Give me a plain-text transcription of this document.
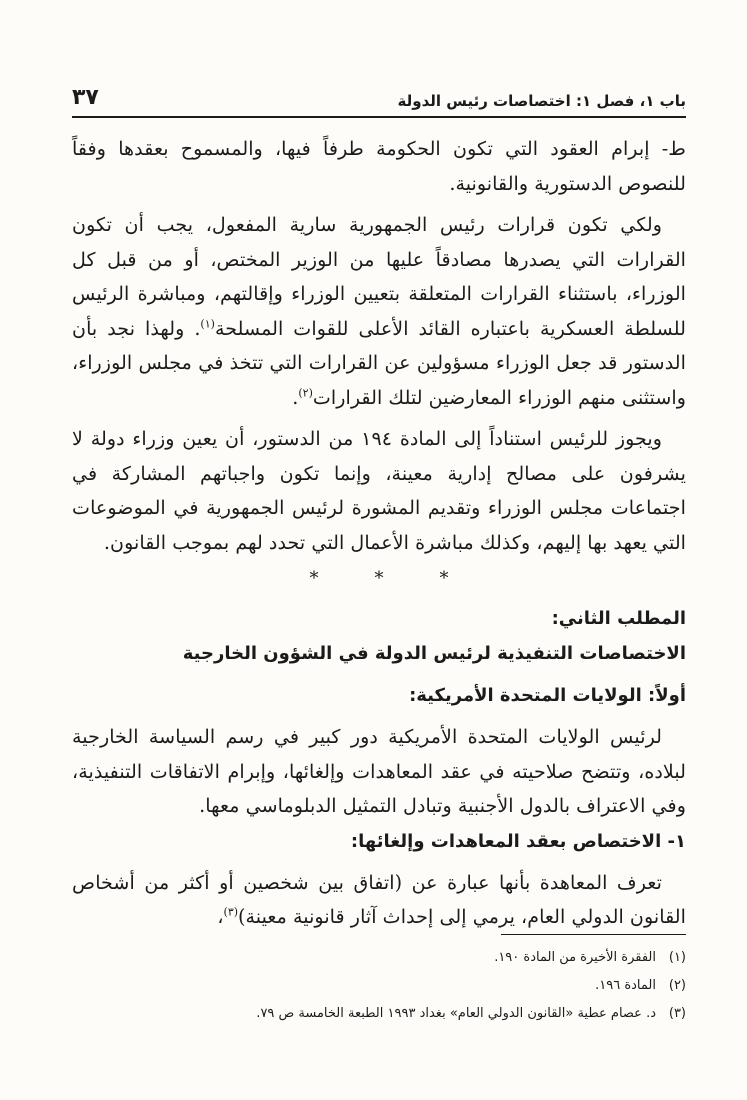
باب ١، فصل ١: اختصاصات رئيس الدولة
٣٧

ط- إبرام العقود التي تكون الحكومة طرفاً فيها، والمسموح بعقدها وفقاً للنصوص الدستورية والقانونية.

ولكي تكون قرارات رئيس الجمهورية سارية المفعول، يجب أن تكون القرارات التي يصدرها مصادقاً عليها من الوزير المختص، أو من قبل كل الوزراء، باستثناء القرارات المتعلقة بتعيين الوزراء وإقالتهم، ومباشرة الرئيس للسلطة العسكرية باعتباره القائد الأعلى للقوات المسلحة$^{(١)}$. ولهذا نجد بأن الدستور قد جعل الوزراء مسؤولين عن القرارات التي تتخذ في مجلس الوزراء، واستثنى منهم الوزراء المعارضين لتلك القرارات$^{(٢)}$.

ويجوز للرئيس استناداً إلى المادة ١٩٤ من الدستور، أن يعين وزراء دولة لا يشرفون على مصالح إدارية معينة، وإنما تكون واجباتهم المشاركة في اجتماعات مجلس الوزراء وتقديم المشورة لرئيس الجمهورية في الموضوعات التي يعهد بها إليهم، وكذلك مباشرة الأعمال التي تحدد لهم بموجب القانون.

*	*	*

المطلب الثاني:

الاختصاصات التنفيذية لرئيس الدولة في الشؤون الخارجية

أولاً: الولايات المتحدة الأمريكية:

لرئيس الولايات المتحدة الأمريكية دور كبير في رسم السياسة الخارجية لبلاده، وتتضح صلاحيته في عقد المعاهدات وإلغائها، وإبرام الاتفاقات التنفيذية، وفي الاعتراف بالدول الأجنبية وتبادل التمثيل الدبلوماسي معها.

١- الاختصاص بعقد المعاهدات وإلغائها:

تعرف المعاهدة بأنها عبارة عن (اتفاق بين شخصين أو أكثر من أشخاص القانون الدولي العام، يرمي إلى إحداث آثار قانونية معينة)$^{(٣)}$،

(١)الفقرة الأخيرة من المادة ١٩٠.

(٢)المادة ١٩٦.

(٣)د. عصام عطية «القانون الدولي العام» بغداد ١٩٩٣ الطبعة الخامسة ص ٧٩.
